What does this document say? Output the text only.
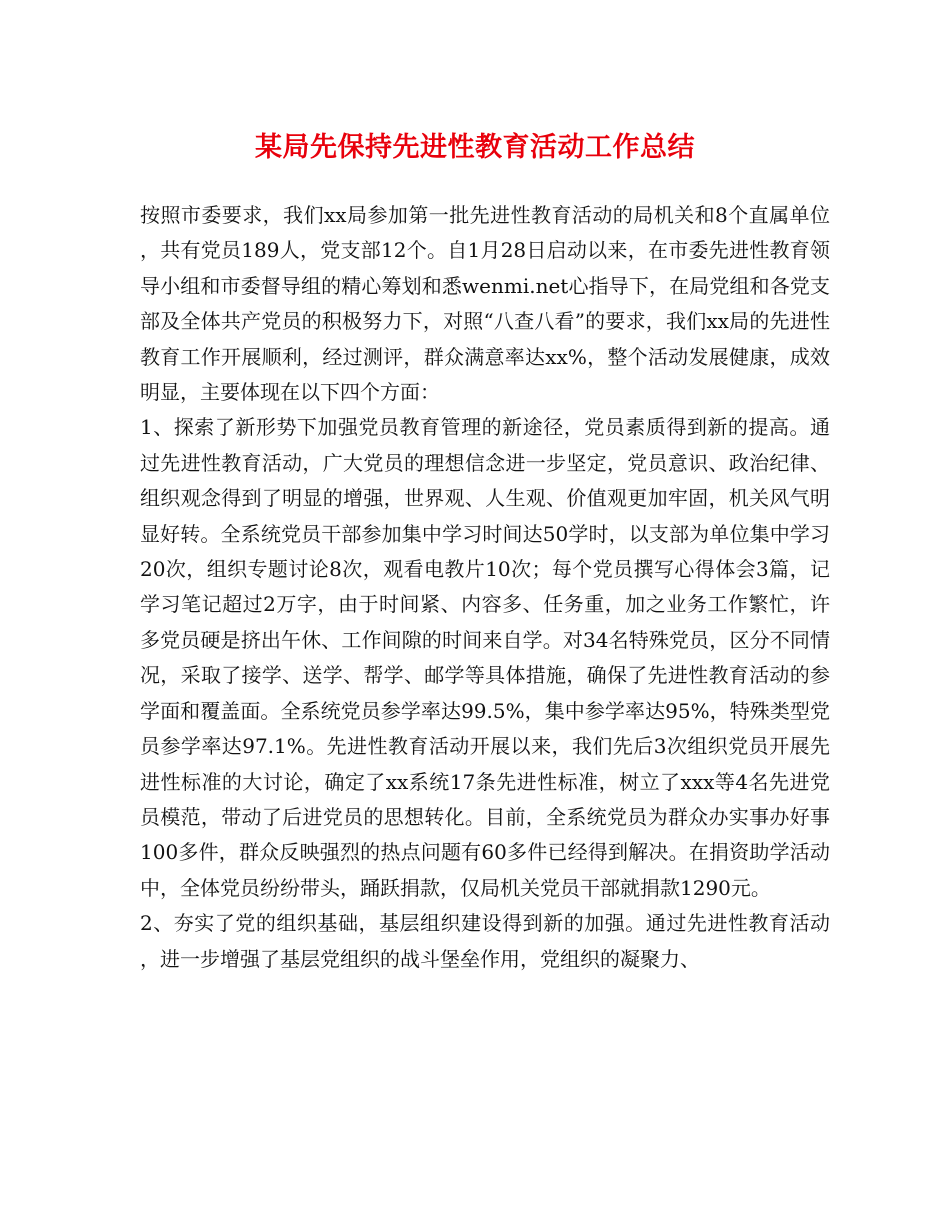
某局先保持先进性教育活动工作总结

按照市委要求，我们xx局参加第一批先进性教育活动的局机关和8个直属单位，共有党员189人，党支部12个。自1月28日启动以来，在市委先进性教育领导小组和市委督导组的精心筹划和悉wenmi.net心指导下，在局党组和各党支部及全体共产党员的积极努力下，对照“八查八看”的要求，我们xx局的先进性教育工作开展顺利，经过测评，群众满意率达xx%，整个活动发展健康，成效明显，主要体现在以下四个方面：

1、探索了新形势下加强党员教育管理的新途径，党员素质得到新的提高。通过先进性教育活动，广大党员的理想信念进一步坚定，党员意识、政治纪律、组织观念得到了明显的增强，世界观、人生观、价值观更加牢固，机关风气明显好转。全系统党员干部参加集中学习时间达50学时，以支部为单位集中学习20次，组织专题讨论8次，观看电教片10次；每个党员撰写心得体会3篇，记学习笔记超过2万字，由于时间紧、内容多、任务重，加之业务工作繁忙，许多党员硬是挤出午休、工作间隙的时间来自学。对34名特殊党员，区分不同情况，采取了接学、送学、帮学、邮学等具体措施，确保了先进性教育活动的参学面和覆盖面。全系统党员参学率达99.5%，集中参学率达95%，特殊类型党员参学率达97.1%。先进性教育活动开展以来，我们先后3次组织党员开展先进性标准的大讨论，确定了xx系统17条先进性标准，树立了xxx等4名先进党员模范，带动了后进党员的思想转化。目前，全系统党员为群众办实事办好事100多件，群众反映强烈的热点问题有60多件已经得到解决。在捐资助学活动中，全体党员纷纷带头，踊跃捐款，仅局机关党员干部就捐款1290元。

2、夯实了党的组织基础，基层组织建设得到新的加强。通过先进性教育活动，进一步增强了基层党组织的战斗堡垒作用，党组织的凝聚力、
